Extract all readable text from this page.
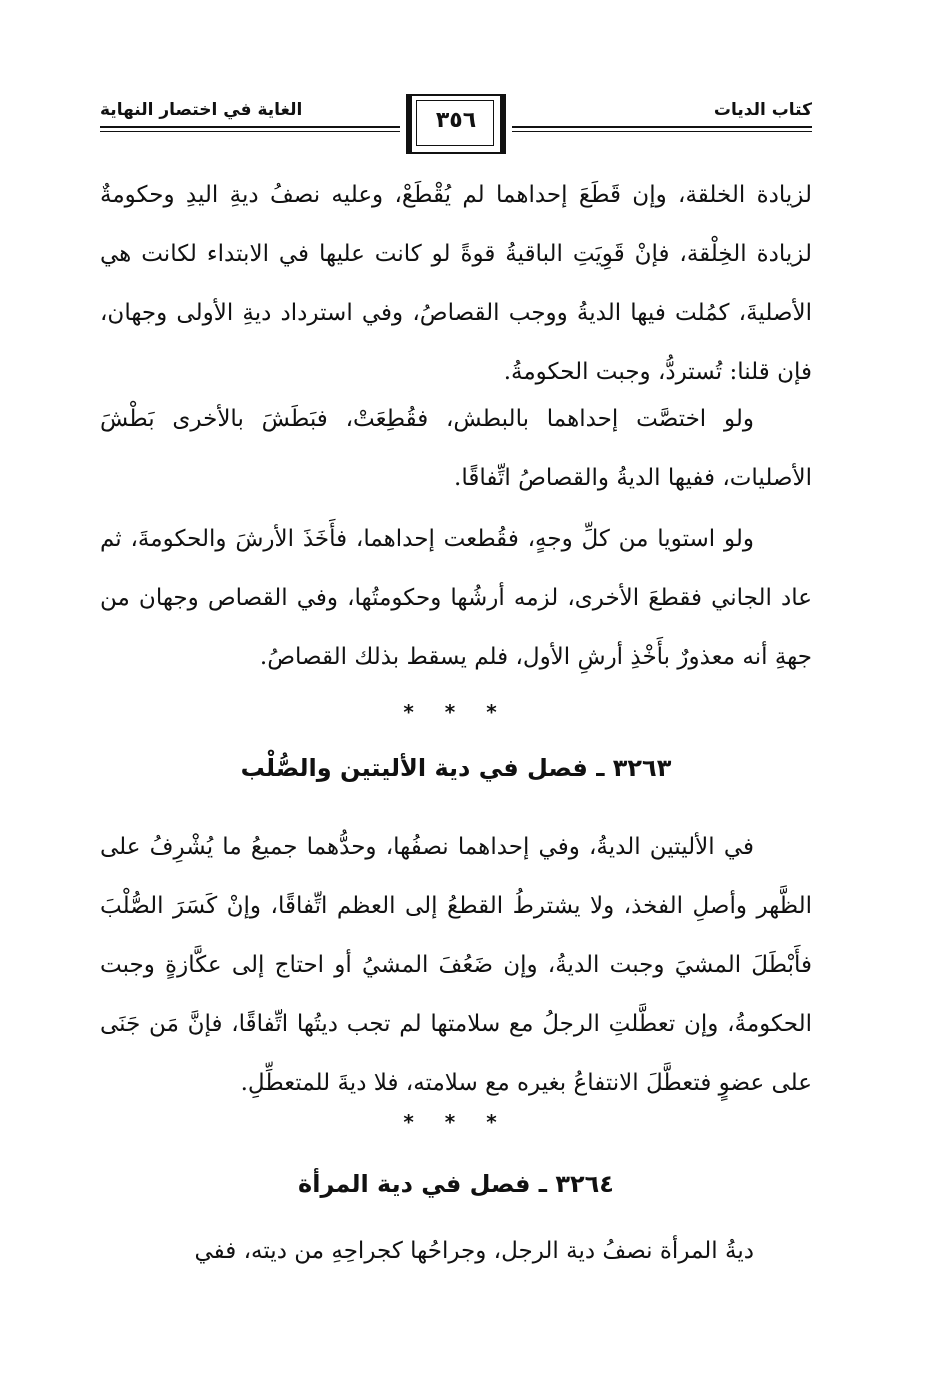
كتاب الديات
الغاية في اختصار النهاية	٣٥٦
لزيادة الخلقة، وإن قَطَعَ إحداهما لم يُقْطَعْ، وعليه نصفُ ديةِ اليدِ وحكومةٌ لزيادة الخِلْقة، فإنْ قَوِيَتِ الباقيةُ قوةً لو كانت عليها في الابتداء لكانت هي الأصليةَ، كمُلت فيها الديةُ ووجب القصاصُ، وفي استرداد ديةِ الأولى وجهان، فإن قلنا: تُستردُّ، وجبت الحكومةُ.
ولو اختصَّت إحداهما بالبطش، فقُطِعَتْ، فبَطَشَ بالأخرى بَطْشَ الأصليات، ففيها الديةُ والقصاصُ اتِّفاقًا.
ولو استويا من كلِّ وجهٍ، فقُطعت إحداهما، فأَخَذَ الأرشَ والحكومةَ، ثم عاد الجاني فقطعَ الأخرى، لزمه أرشُها وحكومتُها، وفي القصاص وجهان من جهةِ أنه معذورٌ بأَخْذِ أرشِ الأول، فلم يسقط بذلك القصاصُ.
* * *
٣٢٦٣ ـ فصل في دية الأليتين والصُّلْب
في الأليتين الديةُ، وفي إحداهما نصفُها، وحدُّهما جميعُ ما يُشْرِفُ على الظَّهر وأصلِ الفخذ، ولا يشترطُ القطعُ إلى العظم اتِّفاقًا، وإنْ كَسَرَ الصُّلْبَ فأَبْطَلَ المشيَ وجبت الديةُ، وإن ضَعُفَ المشيُ أو احتاج إلى عكَّازةٍ وجبت الحكومةُ، وإن تعطَّلتِ الرجلُ مع سلامتها لم تجب ديتُها اتِّفاقًا، فإنَّ مَن جَنَى على عضوٍ فتعطَّلَ الانتفاعُ بغيره مع سلامته، فلا ديةَ للمتعطِّلِ.
* * *
٣٢٦٤ ـ فصل في دية المرأة
ديةُ المرأة نصفُ دية الرجل، وجراحُها كجراحِهِ من ديته، ففي
